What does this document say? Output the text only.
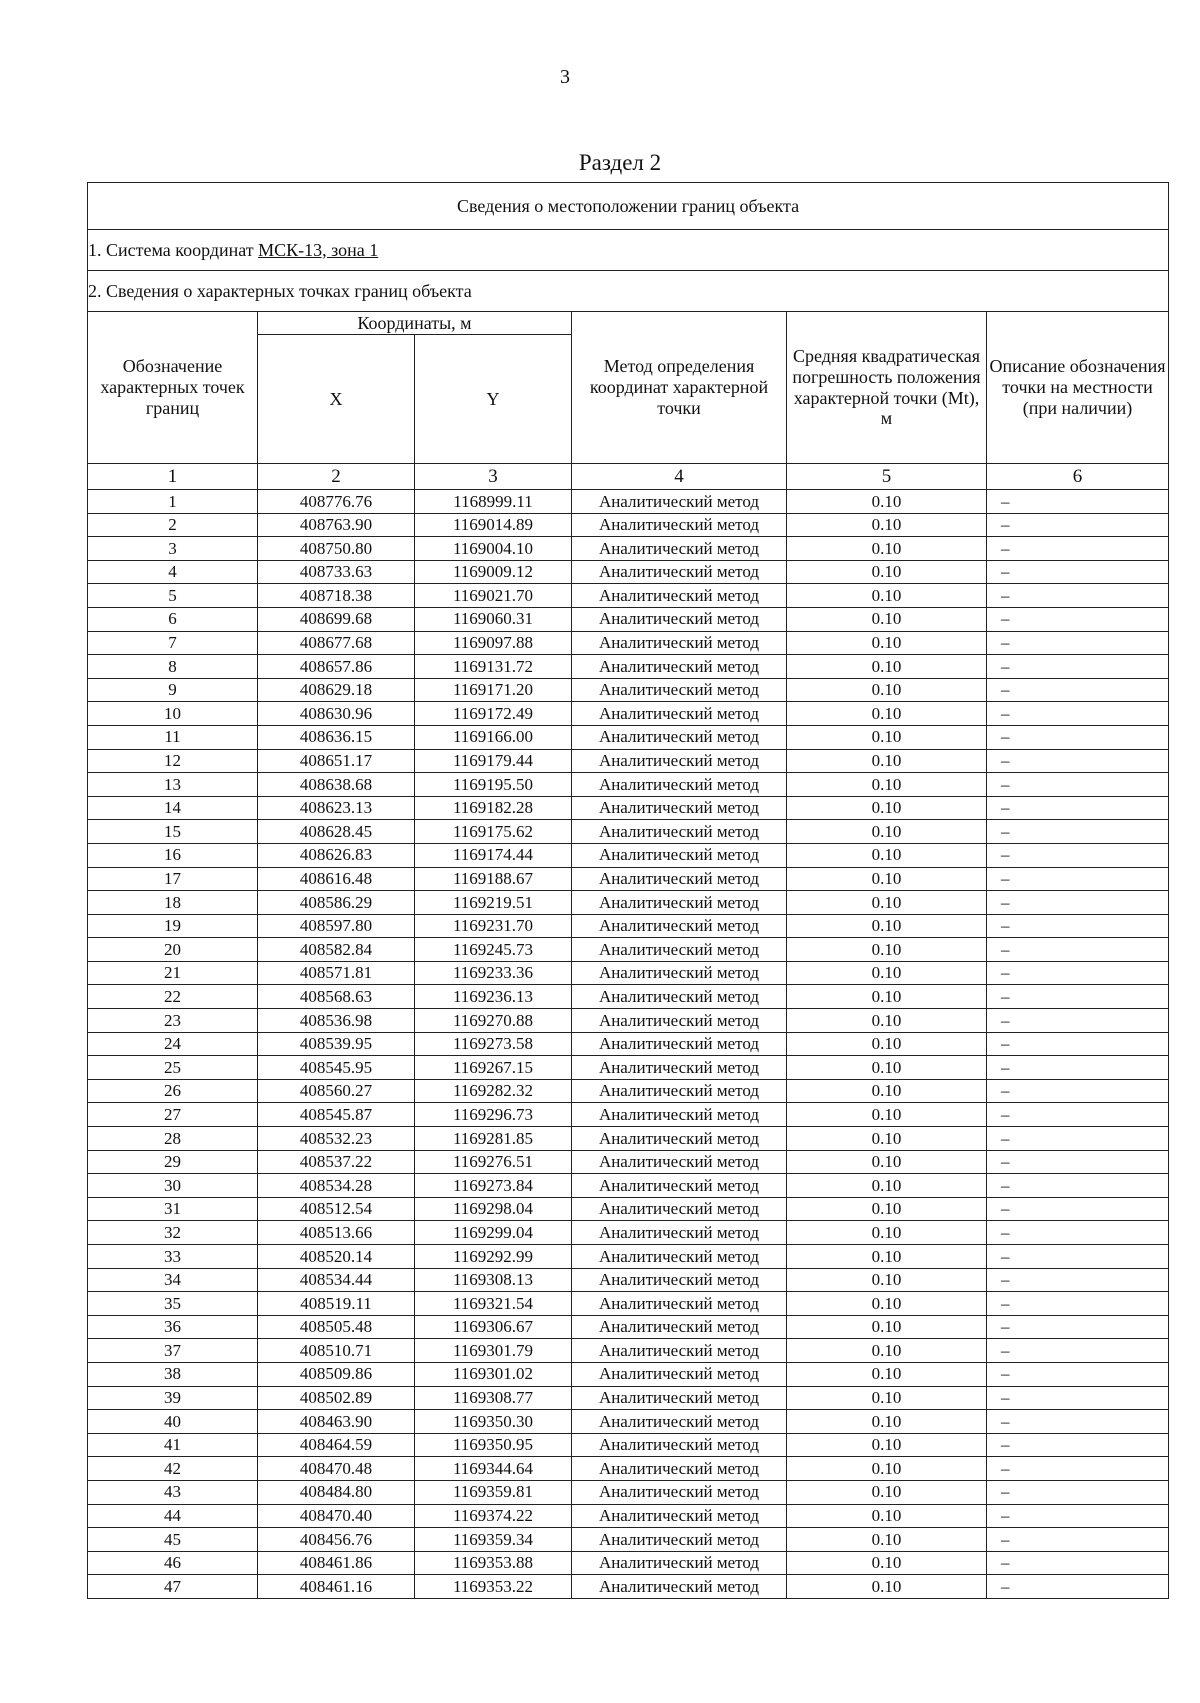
3
Раздел 2
Сведения о местоположении границ объекта					
1. Система координат МСК-13, зона 1					
2. Сведения о характерных точках границ объекта					
Обозначение характерных точек границ	Координаты, м		Метод определения координат характерной точки	Средняя квадратическая погрешность положения характерной точки (Мt), м	Описание обозначения точки на местности (при наличии)
	X	Y			
1	2	3	4	5	6
1	408776.76	1168999.11	Аналитический метод	0.10	–
2	408763.90	1169014.89	Аналитический метод	0.10	–
3	408750.80	1169004.10	Аналитический метод	0.10	–
4	408733.63	1169009.12	Аналитический метод	0.10	–
5	408718.38	1169021.70	Аналитический метод	0.10	–
6	408699.68	1169060.31	Аналитический метод	0.10	–
7	408677.68	1169097.88	Аналитический метод	0.10	–
8	408657.86	1169131.72	Аналитический метод	0.10	–
9	408629.18	1169171.20	Аналитический метод	0.10	–
10	408630.96	1169172.49	Аналитический метод	0.10	–
11	408636.15	1169166.00	Аналитический метод	0.10	–
12	408651.17	1169179.44	Аналитический метод	0.10	–
13	408638.68	1169195.50	Аналитический метод	0.10	–
14	408623.13	1169182.28	Аналитический метод	0.10	–
15	408628.45	1169175.62	Аналитический метод	0.10	–
16	408626.83	1169174.44	Аналитический метод	0.10	–
17	408616.48	1169188.67	Аналитический метод	0.10	–
18	408586.29	1169219.51	Аналитический метод	0.10	–
19	408597.80	1169231.70	Аналитический метод	0.10	–
20	408582.84	1169245.73	Аналитический метод	0.10	–
21	408571.81	1169233.36	Аналитический метод	0.10	–
22	408568.63	1169236.13	Аналитический метод	0.10	–
23	408536.98	1169270.88	Аналитический метод	0.10	–
24	408539.95	1169273.58	Аналитический метод	0.10	–
25	408545.95	1169267.15	Аналитический метод	0.10	–
26	408560.27	1169282.32	Аналитический метод	0.10	–
27	408545.87	1169296.73	Аналитический метод	0.10	–
28	408532.23	1169281.85	Аналитический метод	0.10	–
29	408537.22	1169276.51	Аналитический метод	0.10	–
30	408534.28	1169273.84	Аналитический метод	0.10	–
31	408512.54	1169298.04	Аналитический метод	0.10	–
32	408513.66	1169299.04	Аналитический метод	0.10	–
33	408520.14	1169292.99	Аналитический метод	0.10	–
34	408534.44	1169308.13	Аналитический метод	0.10	–
35	408519.11	1169321.54	Аналитический метод	0.10	–
36	408505.48	1169306.67	Аналитический метод	0.10	–
37	408510.71	1169301.79	Аналитический метод	0.10	–
38	408509.86	1169301.02	Аналитический метод	0.10	–
39	408502.89	1169308.77	Аналитический метод	0.10	–
40	408463.90	1169350.30	Аналитический метод	0.10	–
41	408464.59	1169350.95	Аналитический метод	0.10	–
42	408470.48	1169344.64	Аналитический метод	0.10	–
43	408484.80	1169359.81	Аналитический метод	0.10	–
44	408470.40	1169374.22	Аналитический метод	0.10	–
45	408456.76	1169359.34	Аналитический метод	0.10	–
46	408461.86	1169353.88	Аналитический метод	0.10	–
47	408461.16	1169353.22	Аналитический метод	0.10	–
